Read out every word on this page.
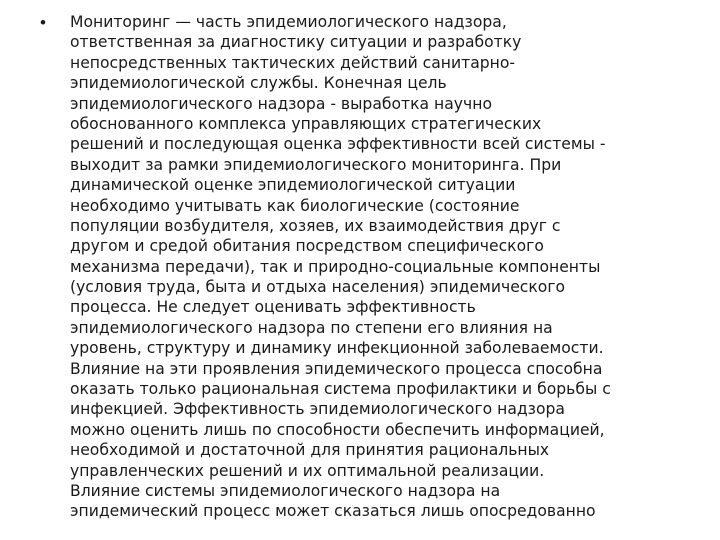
• Мониторинг — часть эпидемиологического надзора,
ответственная за диагностику ситуации и разработку
непосредственных тактических действий санитарно-
эпидемиологической службы. Конечная цель
эпидемиологического надзора - выработка научно
обоснованного комплекса управляющих стратегических
решений и последующая оценка эффективности всей системы -
выходит за рамки эпидемиологического мониторинга. При
динамической оценке эпидемиологической ситуации
необходимо учитывать как биологические (состояние
популяции возбудителя, хозяев, их взаимодействия друг с
другом и средой обитания посредством специфического
механизма передачи), так и природно-социальные компоненты
(условия труда, быта и отдыха населения) эпидемического
процесса. Не следует оценивать эффективность
эпидемиологического надзора по степени его влияния на
уровень, структуру и динамику инфекционной заболеваемости.
Влияние на эти проявления эпидемического процесса способна
оказать только рациональная система профилактики и борьбы с
инфекцией. Эффективность эпидемиологического надзора
можно оценить лишь по способности обеспечить информацией,
необходимой и достаточной для принятия рациональных
управленческих решений и их оптимальной реализации.
Влияние системы эпидемиологического надзора на
эпидемический процесс может сказаться лишь опосредованно
